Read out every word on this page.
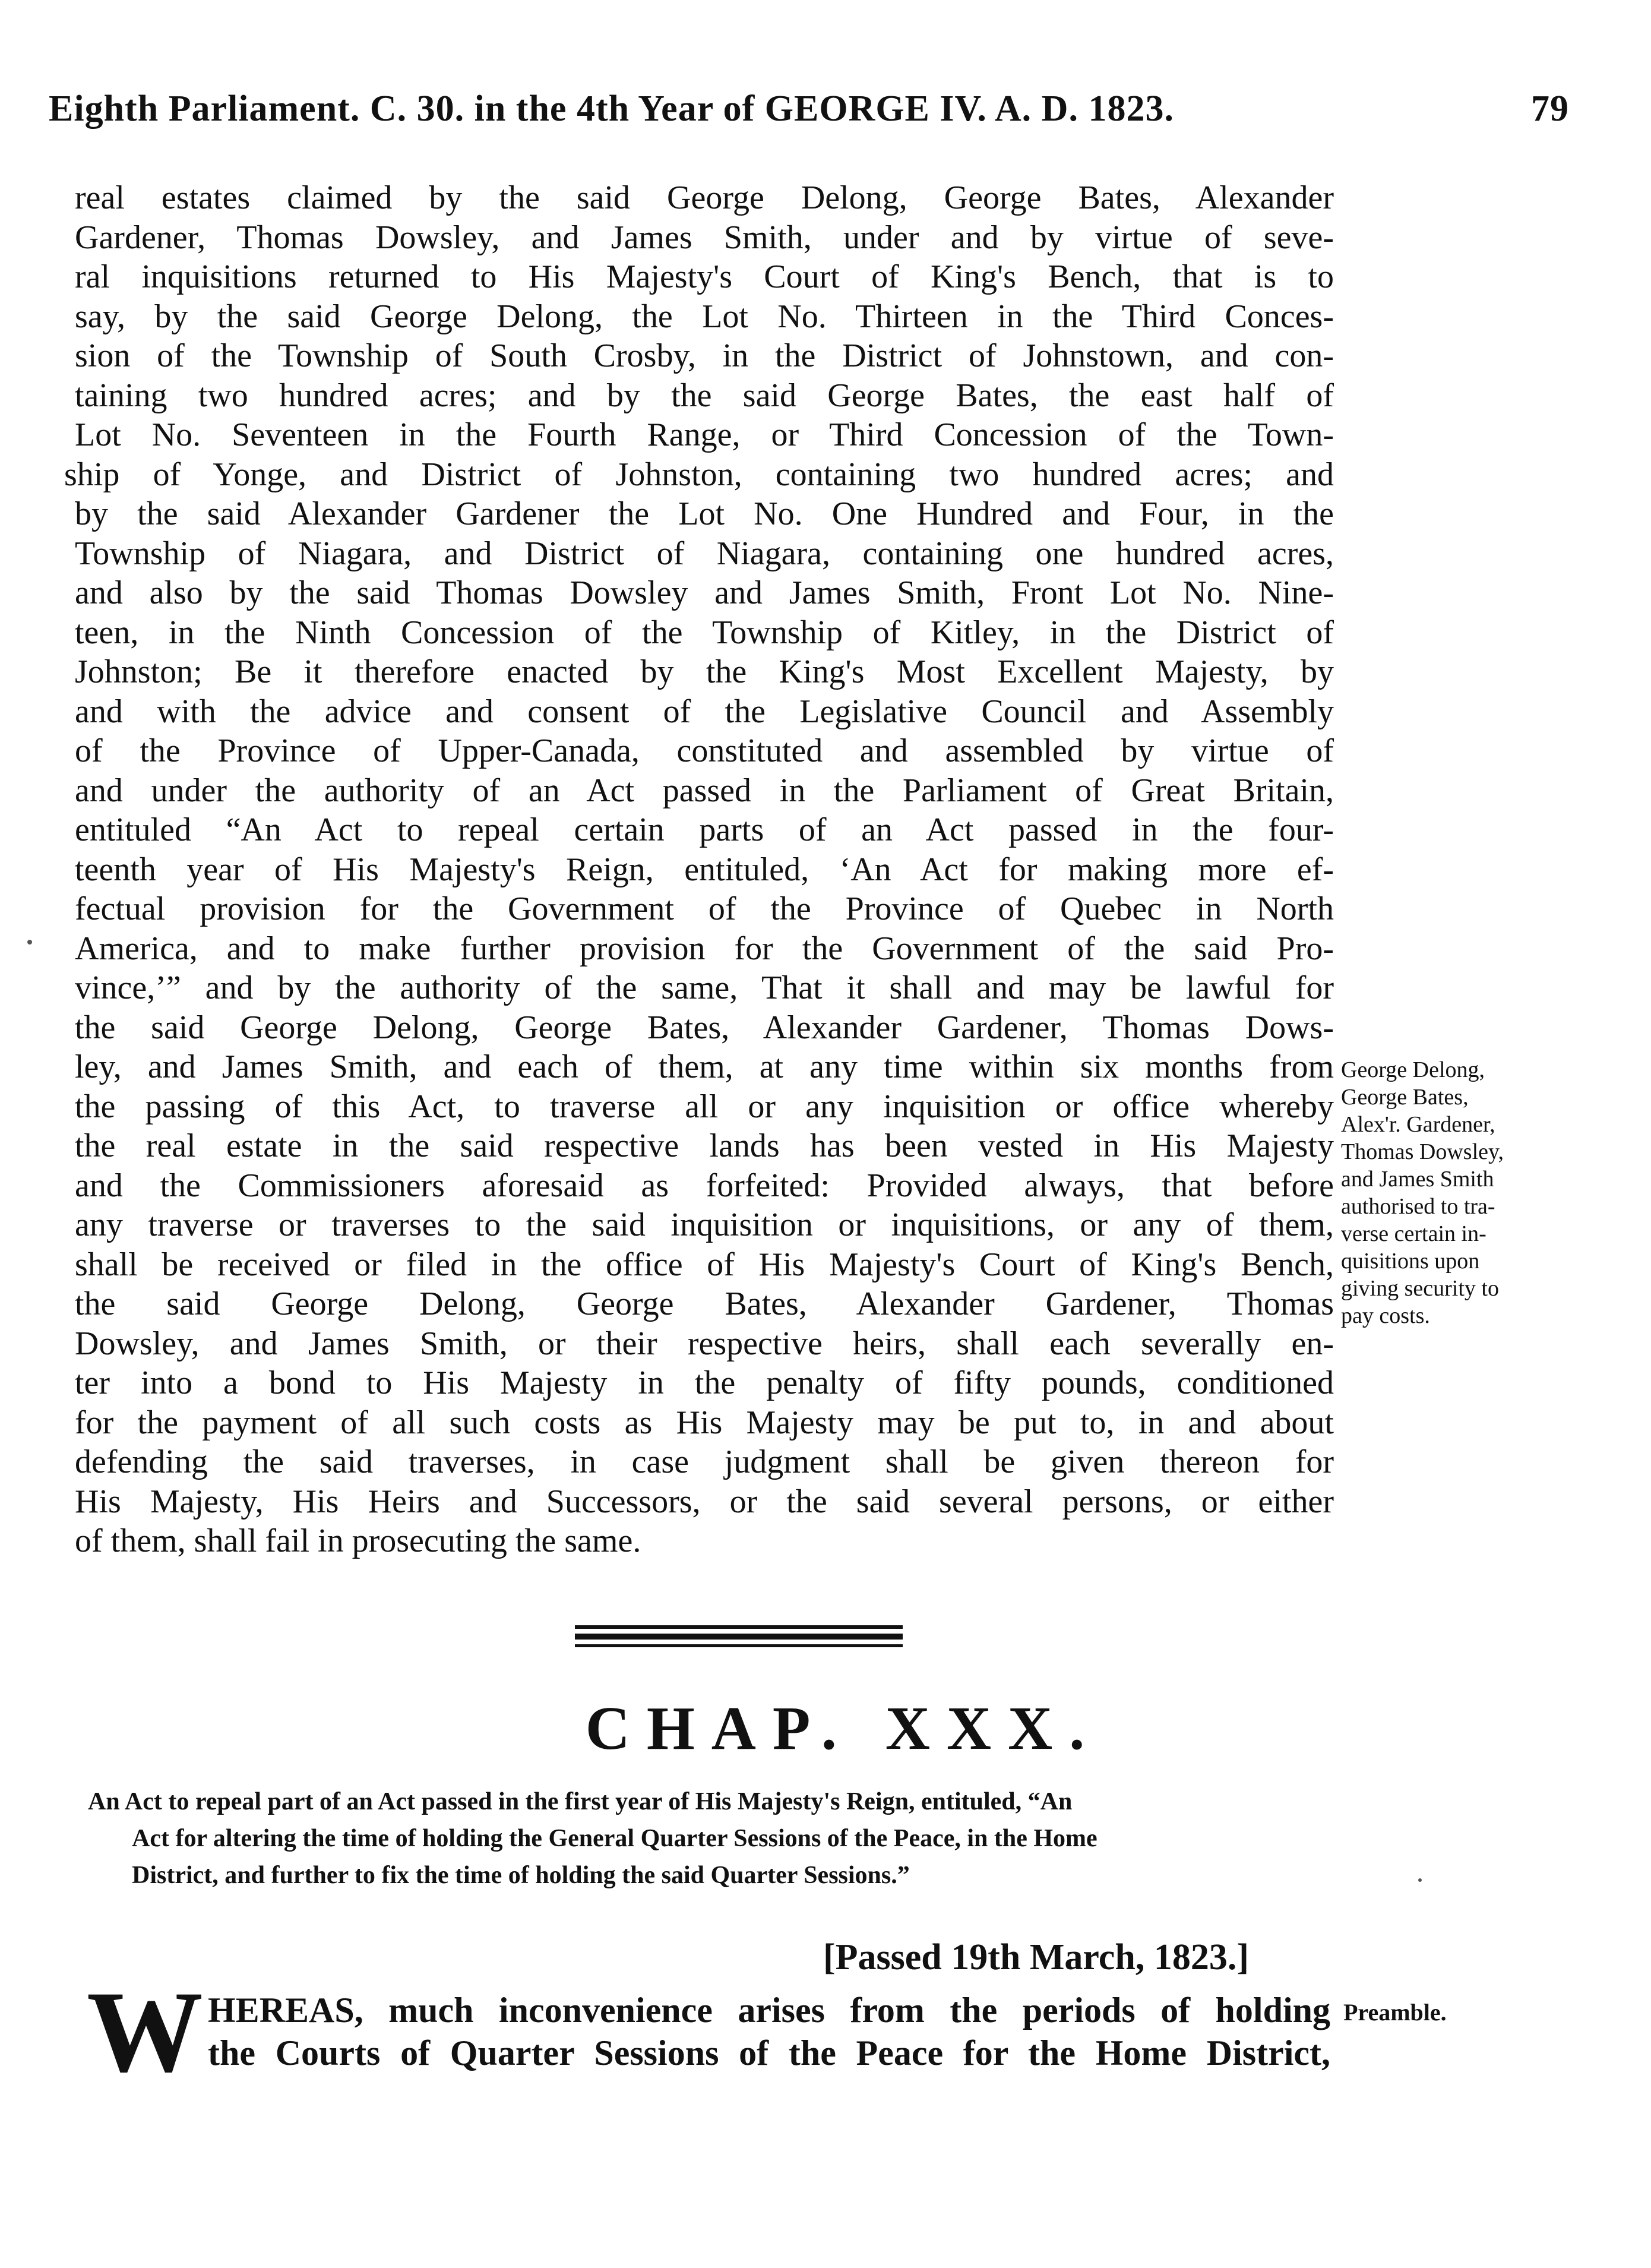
Eighth Parliament. C. 30. in the 4th Year of GEORGE IV. A. D. 1823.	79
real estates claimed by the said George Delong, George Bates, Alexander
Gardener, Thomas Dowsley, and James Smith, under and by virtue of seve-
ral inquisitions returned to His Majesty's Court of King's Bench, that is to
say, by the said George Delong, the Lot No. Thirteen in the Third Conces-
sion of the Township of South Crosby, in the District of Johnstown, and con-
taining two hundred acres; and by the said George Bates, the east half of
Lot No. Seventeen in the Fourth Range, or Third Concession of the Town-
ship of Yonge, and District of Johnston, containing two hundred acres; and
by the said Alexander Gardener the Lot No. One Hundred and Four, in the
Township of Niagara, and District of Niagara, containing one hundred acres,
and also by the said Thomas Dowsley and James Smith, Front Lot No. Nine-
teen, in the Ninth Concession of the Township of Kitley, in the District of
Johnston; Be it therefore enacted by the King's Most Excellent Majesty, by
and with the advice and consent of the Legislative Council and Assembly
of the Province of Upper-Canada, constituted and assembled by virtue of
and under the authority of an Act passed in the Parliament of Great Britain,
entituled “An Act to repeal certain parts of an Act passed in the four-
teenth year of His Majesty's Reign, entituled, ‘An Act for making more ef-
fectual provision for the Government of the Province of Quebec in North
America, and to make further provision for the Government of the said Pro-
vince,’” and by the authority of the same, That it shall and may be lawful for
the said George Delong, George Bates, Alexander Gardener, Thomas Dows-
ley, and James Smith, and each of them, at any time within six months from
the passing of this Act, to traverse all or any inquisition or office whereby
the real estate in the said respective lands has been vested in His Majesty
and the Commissioners aforesaid as forfeited: Provided always, that before
any traverse or traverses to the said inquisition or inquisitions, or any of them,
shall be received or filed in the office of His Majesty's Court of King's Bench,
the said George Delong, George Bates, Alexander Gardener, Thomas
Dowsley, and James Smith, or their respective heirs, shall each severally en-
ter into a bond to His Majesty in the penalty of fifty pounds, conditioned
for the payment of all such costs as His Majesty may be put to, in and about
defending the said traverses, in case judgment shall be given thereon for
His Majesty, His Heirs and Successors, or the said several persons, or either
of them, shall fail in prosecuting the same.
George Delong,
George Bates,
Alex'r. Gardener,
Thomas Dowsley,
and James Smith
authorised to tra-
verse certain in-
quisitions upon
giving security to
pay costs.
CHAP. XXX.
An Act to repeal part of an Act passed in the first year of His Majesty's Reign, entituled, “An
Act for altering the time of holding the General Quarter Sessions of the Peace, in the Home
District, and further to fix the time of holding the said Quarter Sessions.”
[Passed 19th March, 1823.]
W HEREAS, much inconvenience arises from the periods of holding
the Courts of Quarter Sessions of the Peace for the Home District,
Preamble.
